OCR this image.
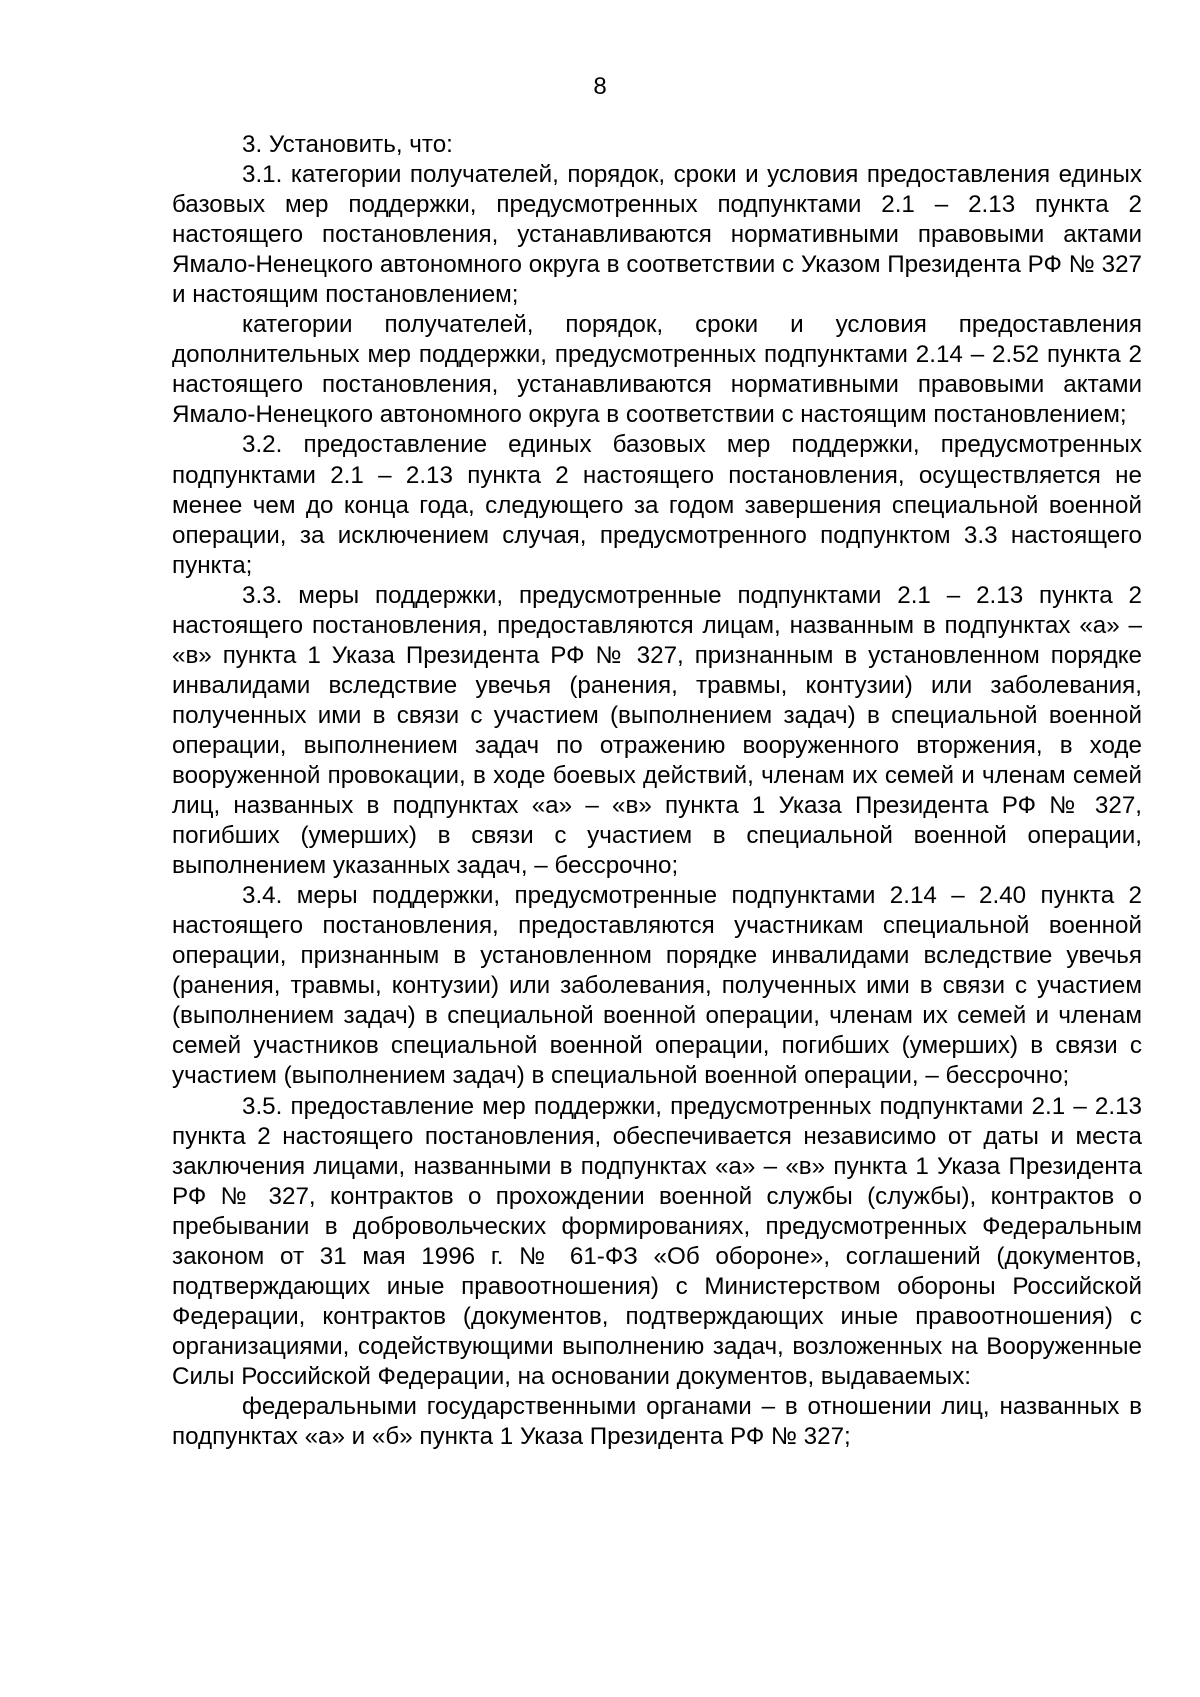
8

3. Установить, что:

3.1. категории получателей, порядок, сроки и условия предоставления единых базовых мер поддержки, предусмотренных подпунктами 2.1 – 2.13 пункта 2 настоящего постановления, устанавливаются нормативными правовыми актами Ямало-Ненецкого автономного округа в соответствии с Указом Президента РФ № 327 и настоящим постановлением;

категории получателей, порядок, сроки и условия предоставления дополнительных мер поддержки, предусмотренных подпунктами 2.14 – 2.52 пункта 2 настоящего постановления, устанавливаются нормативными правовыми актами Ямало-Ненецкого автономного округа в соответствии с настоящим постановлением;

3.2. предоставление единых базовых мер поддержки, предусмотренных подпунктами 2.1 – 2.13 пункта 2 настоящего постановления, осуществляется не менее чем до конца года, следующего за годом завершения специальной военной операции, за исключением случая, предусмотренного подпунктом 3.3 настоящего пункта;

3.3. меры поддержки, предусмотренные подпунктами 2.1 – 2.13 пункта 2 настоящего постановления, предоставляются лицам, названным в подпунктах «а» – «в» пункта 1 Указа Президента РФ № 327, признанным в установленном порядке инвалидами вследствие увечья (ранения, травмы, контузии) или заболевания, полученных ими в связи с участием (выполнением задач) в специальной военной операции, выполнением задач по отражению вооруженного вторжения, в ходе вооруженной провокации, в ходе боевых действий, членам их семей и членам семей лиц, названных в подпунктах «а» – «в» пункта 1 Указа Президента РФ № 327, погибших (умерших) в связи с участием в специальной военной операции, выполнением указанных задач, – бессрочно;

3.4. меры поддержки, предусмотренные подпунктами 2.14 – 2.40 пункта 2 настоящего постановления, предоставляются участникам специальной военной операции, признанным в установленном порядке инвалидами вследствие увечья (ранения, травмы, контузии) или заболевания, полученных ими в связи с участием (выполнением задач) в специальной военной операции, членам их семей и членам семей участников специальной военной операции, погибших (умерших) в связи с участием (выполнением задач) в специальной военной операции, – бессрочно;

3.5. предоставление мер поддержки, предусмотренных подпунктами 2.1 – 2.13 пункта 2 настоящего постановления, обеспечивается независимо от даты и места заключения лицами, названными в подпунктах «а» – «в» пункта 1 Указа Президента РФ № 327, контрактов о прохождении военной службы (службы), контрактов о пребывании в добровольческих формированиях, предусмотренных Федеральным законом от 31 мая 1996 г. № 61-ФЗ «Об обороне», соглашений (документов, подтверждающих иные правоотношения) с Министерством обороны Российской Федерации, контрактов (документов, подтверждающих иные правоотношения) с организациями, содействующими выполнению задач, возложенных на Вооруженные Силы Российской Федерации, на основании документов, выдаваемых:

федеральными государственными органами – в отношении лиц, названных в подпунктах «а» и «б» пункта 1 Указа Президента РФ № 327;
